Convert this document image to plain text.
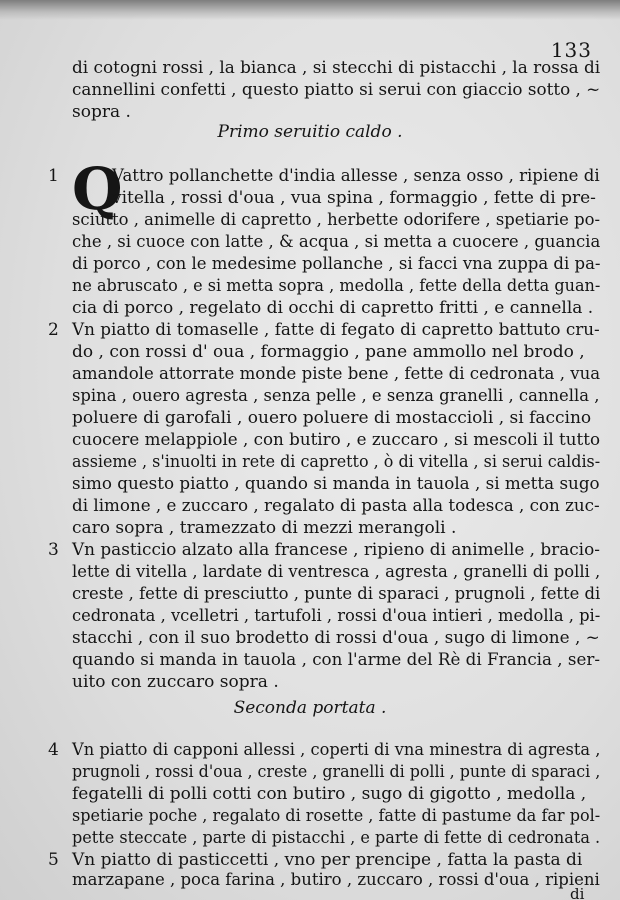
133
di cotogni rossi , la bianca , si stecchi di pistacchi , la rossa di
cannellini confetti , questo piatto si serui con giaccio sotto , ~
sopra .
Primo seruitio caldo .
1 Q
Vattro pollanchette d'india allesse , senza osso , ripiene di
vitella , rossi d'oua , vua spina , formaggio , fette di pre-
sciutto , animelle di capretto , herbette odorifere , spetiarie po-
che , si cuoce con latte , & acqua , si metta a cuocere , guancia
di porco , con le medesime pollanche , si facci vna zuppa di pa-
ne abruscato , e si metta sopra , medolla , fette della detta guan-
cia di porco , regelato di occhi di capretto fritti , e cannella .
2 Vn piatto di tomaselle , fatte di fegato di capretto battuto cru-
do , con rossi d' oua , formaggio , pane ammollo nel brodo ,
amandole attorrate monde piste bene , fette di cedronata , vua
spina , ouero agresta , senza pelle , e senza granelli , cannella ,
poluere di garofali , ouero poluere di mostaccioli , si faccino
cuocere melappiole , con butiro , e zuccaro , si mescoli il tutto
assieme , s'inuolti in rete di capretto , ò di vitella , si serui caldis-
simo questo piatto , quando si manda in tauola , si metta sugo
di limone , e zuccaro , regalato di pasta alla todesca , con zuc-
caro sopra , tramezzato di mezzi merangoli .
3 Vn pasticcio alzato alla francese , ripieno di animelle , bracio-
lette di vitella , lardate di ventresca , agresta , granelli di polli ,
creste , fette di presciutto , punte di sparaci , prugnoli , fette di
cedronata , vcelletri , tartufoli , rossi d'oua intieri , medolla , pi-
stacchi , con il suo brodetto di rossi d'oua , sugo di limone , ~
quando si manda in tauola , con l'arme del Rè di Francia , ser-
uito con zuccaro sopra .
Seconda portata .
4 Vn piatto di capponi allessi , coperti di vna minestra di agresta ,
prugnoli , rossi d'oua , creste , granelli di polli , punte di sparaci ,
fegatelli di polli cotti con butiro , sugo di gigotto , medolla ,
spetiarie poche , regalato di rosette , fatte di pastume da far pol-
pette steccate , parte di pistacchi , e parte di fette di cedronata .
5 Vn piatto di pasticcetti , vno per prencipe , fatta la pasta di
marzapane , poca farina , butiro , zuccaro , rossi d'oua , ripieni
di
